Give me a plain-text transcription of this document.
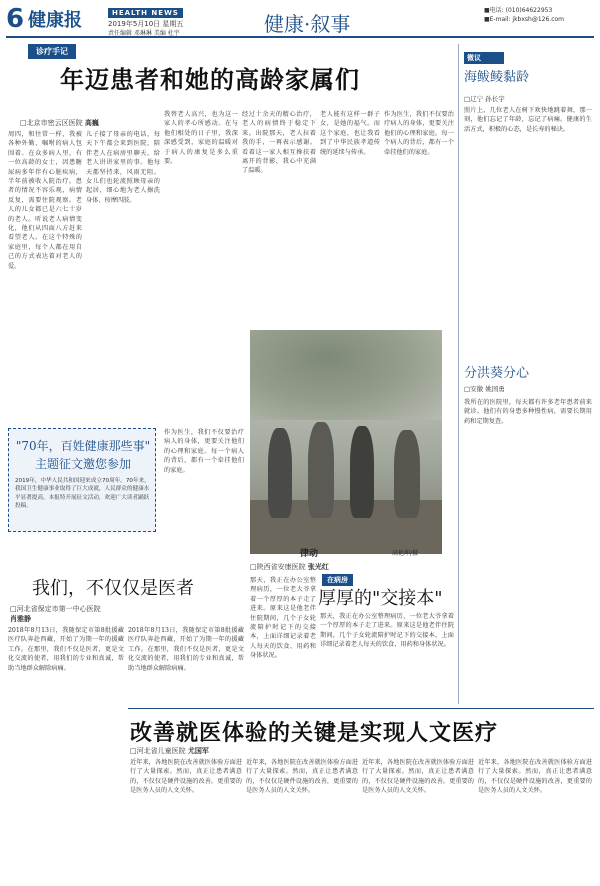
6 健康报	HEALTH NEWS
2019年5月10日 星期五
责任编辑 邓琳琳 美编 杜宇	健康·叙事
■电话: (010)64622953
■E-mail: jkbxsh@126.com
诊疗手记
年迈患者和她的高龄家属们
□北京市密云区医院 高巍
周四，和往常一样，我被各种外勤、嘱咐的病人包围着。在众多病人里，有一位高龄的女士，因患糖尿病多年伴有心脏疾病，半年前被收入院治疗。患者的情况不容乐观，病情反复，需要住院观察。老人的儿女都已是六七十岁的老人。听说老人病情变化，他们从四面八方赶来看望老人。在这个特殊的家庭里，每个人都在用自己的方式表达着对老人的爱。
儿子接了母亲的电话，每天下午都会来到医院，陪伴老人在病房里聊天，给老人讲讲家里的事。他每天都坚持来，风雨无阻。女儿们也轮流照顾母亲的起居，细心地为老人擦洗身体、按摩四肢。
我替老人高兴，也为这一家人的孝心所感动。在与他们相处的日子里，我深深感受到，家庭的温暖对于病人的康复是多么重要。
经过十余天的精心治疗，老人的病情终于稳定下来。出院那天，老人拉着我的手，一再表示感谢。看着这一家人相互搀扶着离开的背影，我心中充满了温暖。
老人能有这样一群子女，是她的福气。而这个家庭，也让我看到了中华民族孝道传统的延续与传承。
作为医生，我们不仅要治疗病人的身体，更要关注他们的心理和家庭。每一个病人的背后，都有一个牵挂他们的家庭。
"70年，百姓健康那些事"
主题征文邀您参加
2019年，中华人民共和国迎来成立70周年。70年来，我国卫生健康事业取得了巨大成就，人民群众的健康水平显著提高。本报特开展征文活动，欢迎广大读者踊跃投稿。
作为医生，我们不仅要治疗病人的身体，更要关注他们的心理和家庭。每一个病人的背后，都有一个牵挂他们的家庭。
律动	高艳坤/摄
微议
海鲅鲮黏龄
□辽宁 孙长宇
照片上，几位老人在树下欢快地跳着舞，那一刻，他们忘记了年龄，忘记了病痛。健康的生活方式，积极的心态，是长寿的秘诀。
分洪葵分心
□安徽 姚国勇
我所在的医院里，每天都有许多老年患者前来就诊。他们有的身患多种慢性病，需要长期用药和定期复查。
□陕西省安康医院 张光红
在病房
厚厚的"交接本"
那天，我正在办公室整理病历，一位老大爷拿着一个厚厚的本子走了进来。原来这是他老伴住院期间，几个子女轮流陪护时记下的交接本，上面详细记录着老人每天的饮食、用药和身体状况。
那天，我正在办公室整理病历，一位老大爷拿着一个厚厚的本子走了进来。原来这是他老伴住院期间，几个子女轮流陪护时记下的交接本，上面详细记录着老人每天的饮食、用药和身体状况。
我们，不仅仅是医者
□河北省保定市第一中心医院
肖雅静
2018年8月13日，我随保定市第8批援藏医疗队奔赴西藏，开始了为期一年的援藏工作。在那里，我们不仅是医者，更是文化交流的使者，用我们的专业和真诚，帮助当地群众解除病痛。
2018年8月13日，我随保定市第8批援藏医疗队奔赴西藏，开始了为期一年的援藏工作。在那里，我们不仅是医者，更是文化交流的使者，用我们的专业和真诚，帮助当地群众解除病痛。
改善就医体验的关键是实现人文医疗
□河北省儿童医院 尤国军
近年来，各地医院在改善就医体验方面进行了大量探索。然而，真正让患者满意的，不仅仅是硬件设施的改善，更重要的是医务人员的人文关怀。
近年来，各地医院在改善就医体验方面进行了大量探索。然而，真正让患者满意的，不仅仅是硬件设施的改善，更重要的是医务人员的人文关怀。
近年来，各地医院在改善就医体验方面进行了大量探索。然而，真正让患者满意的，不仅仅是硬件设施的改善，更重要的是医务人员的人文关怀。
近年来，各地医院在改善就医体验方面进行了大量探索。然而，真正让患者满意的，不仅仅是硬件设施的改善，更重要的是医务人员的人文关怀。
